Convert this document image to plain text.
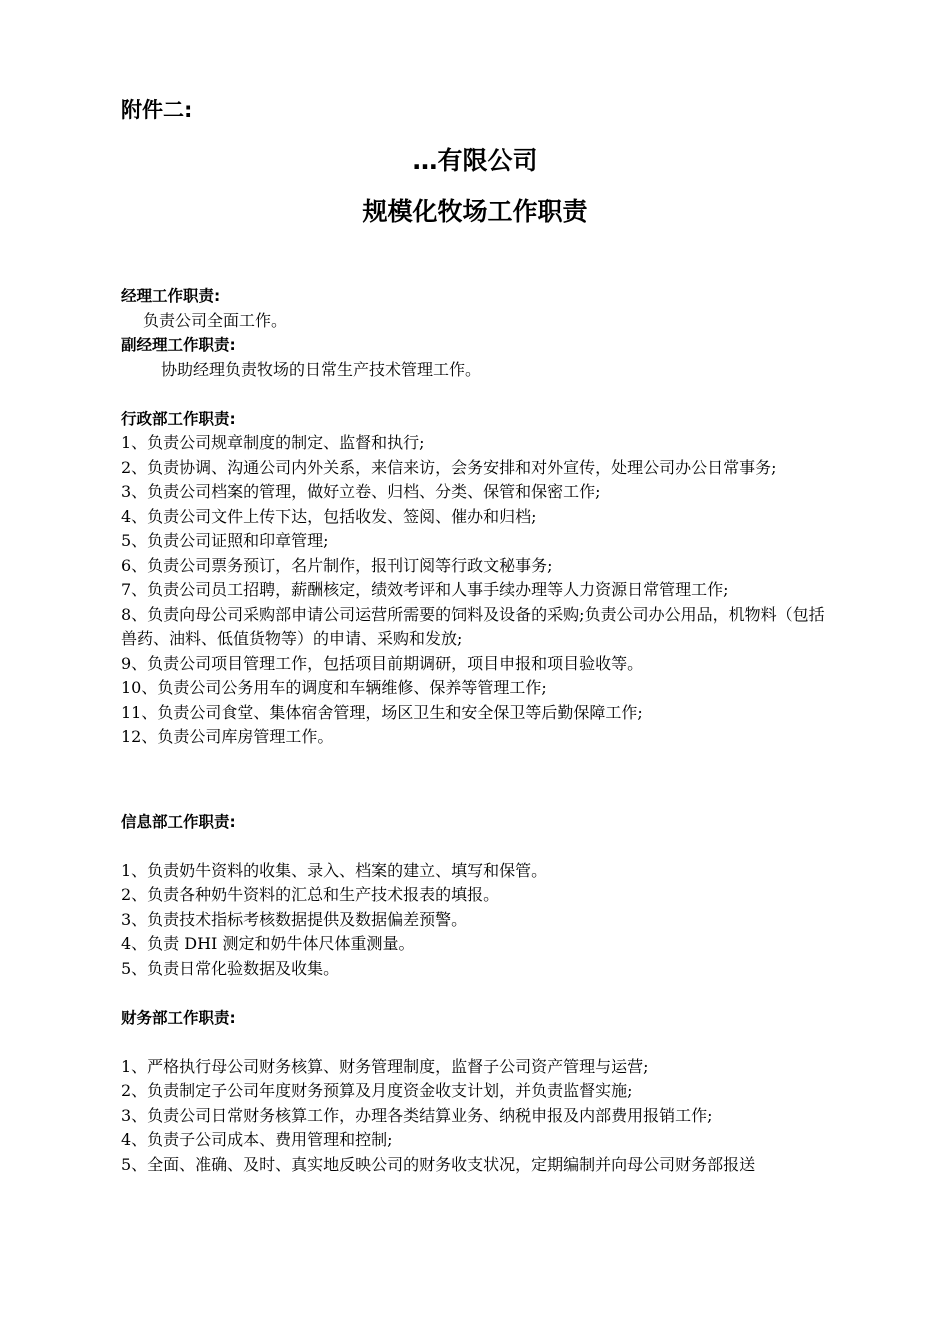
附件二:
…有限公司
规模化牧场工作职责
经理工作职责:

负责公司全面工作。

副经理工作职责:

协助经理负责牧场的日常生产技术管理工作。

行政部工作职责:
1、负责公司规章制度的制定、监督和执行;
2、负责协调、沟通公司内外关系，来信来访，会务安排和对外宣传，处理公司办公日常事务;
3、负责公司档案的管理，做好立卷、归档、分类、保管和保密工作;
4、负责公司文件上传下达，包括收发、签阅、催办和归档;
5、负责公司证照和印章管理;
6、负责公司票务预订，名片制作，报刊订阅等行政文秘事务;
7、负责公司员工招聘，薪酬核定，绩效考评和人事手续办理等人力资源日常管理工作;
8、负责向母公司采购部申请公司运营所需要的饲料及设备的采购;负责公司办公用品，机物料（包括兽药、油料、低值货物等）的申请、采购和发放;
9、负责公司项目管理工作，包括项目前期调研，项目申报和项目验收等。
10、负责公司公务用车的调度和车辆维修、保养等管理工作;
11、负责公司食堂、集体宿舍管理，场区卫生和安全保卫等后勤保障工作;
12、负责公司库房管理工作。
信息部工作职责:
1、负责奶牛资料的收集、录入、档案的建立、填写和保管。
2、负责各种奶牛资料的汇总和生产技术报表的填报。
3、负责技术指标考核数据提供及数据偏差预警。
4、负责 DHI 测定和奶牛体尺体重测量。
5、负责日常化验数据及收集。
财务部工作职责:
1、严格执行母公司财务核算、财务管理制度，监督子公司资产管理与运营;
2、负责制定子公司年度财务预算及月度资金收支计划，并负责监督实施;
3、负责公司日常财务核算工作，办理各类结算业务、纳税申报及内部费用报销工作;
4、负责子公司成本、费用管理和控制;
5、全面、准确、及时、真实地反映公司的财务收支状况，定期编制并向母公司财务部报送
